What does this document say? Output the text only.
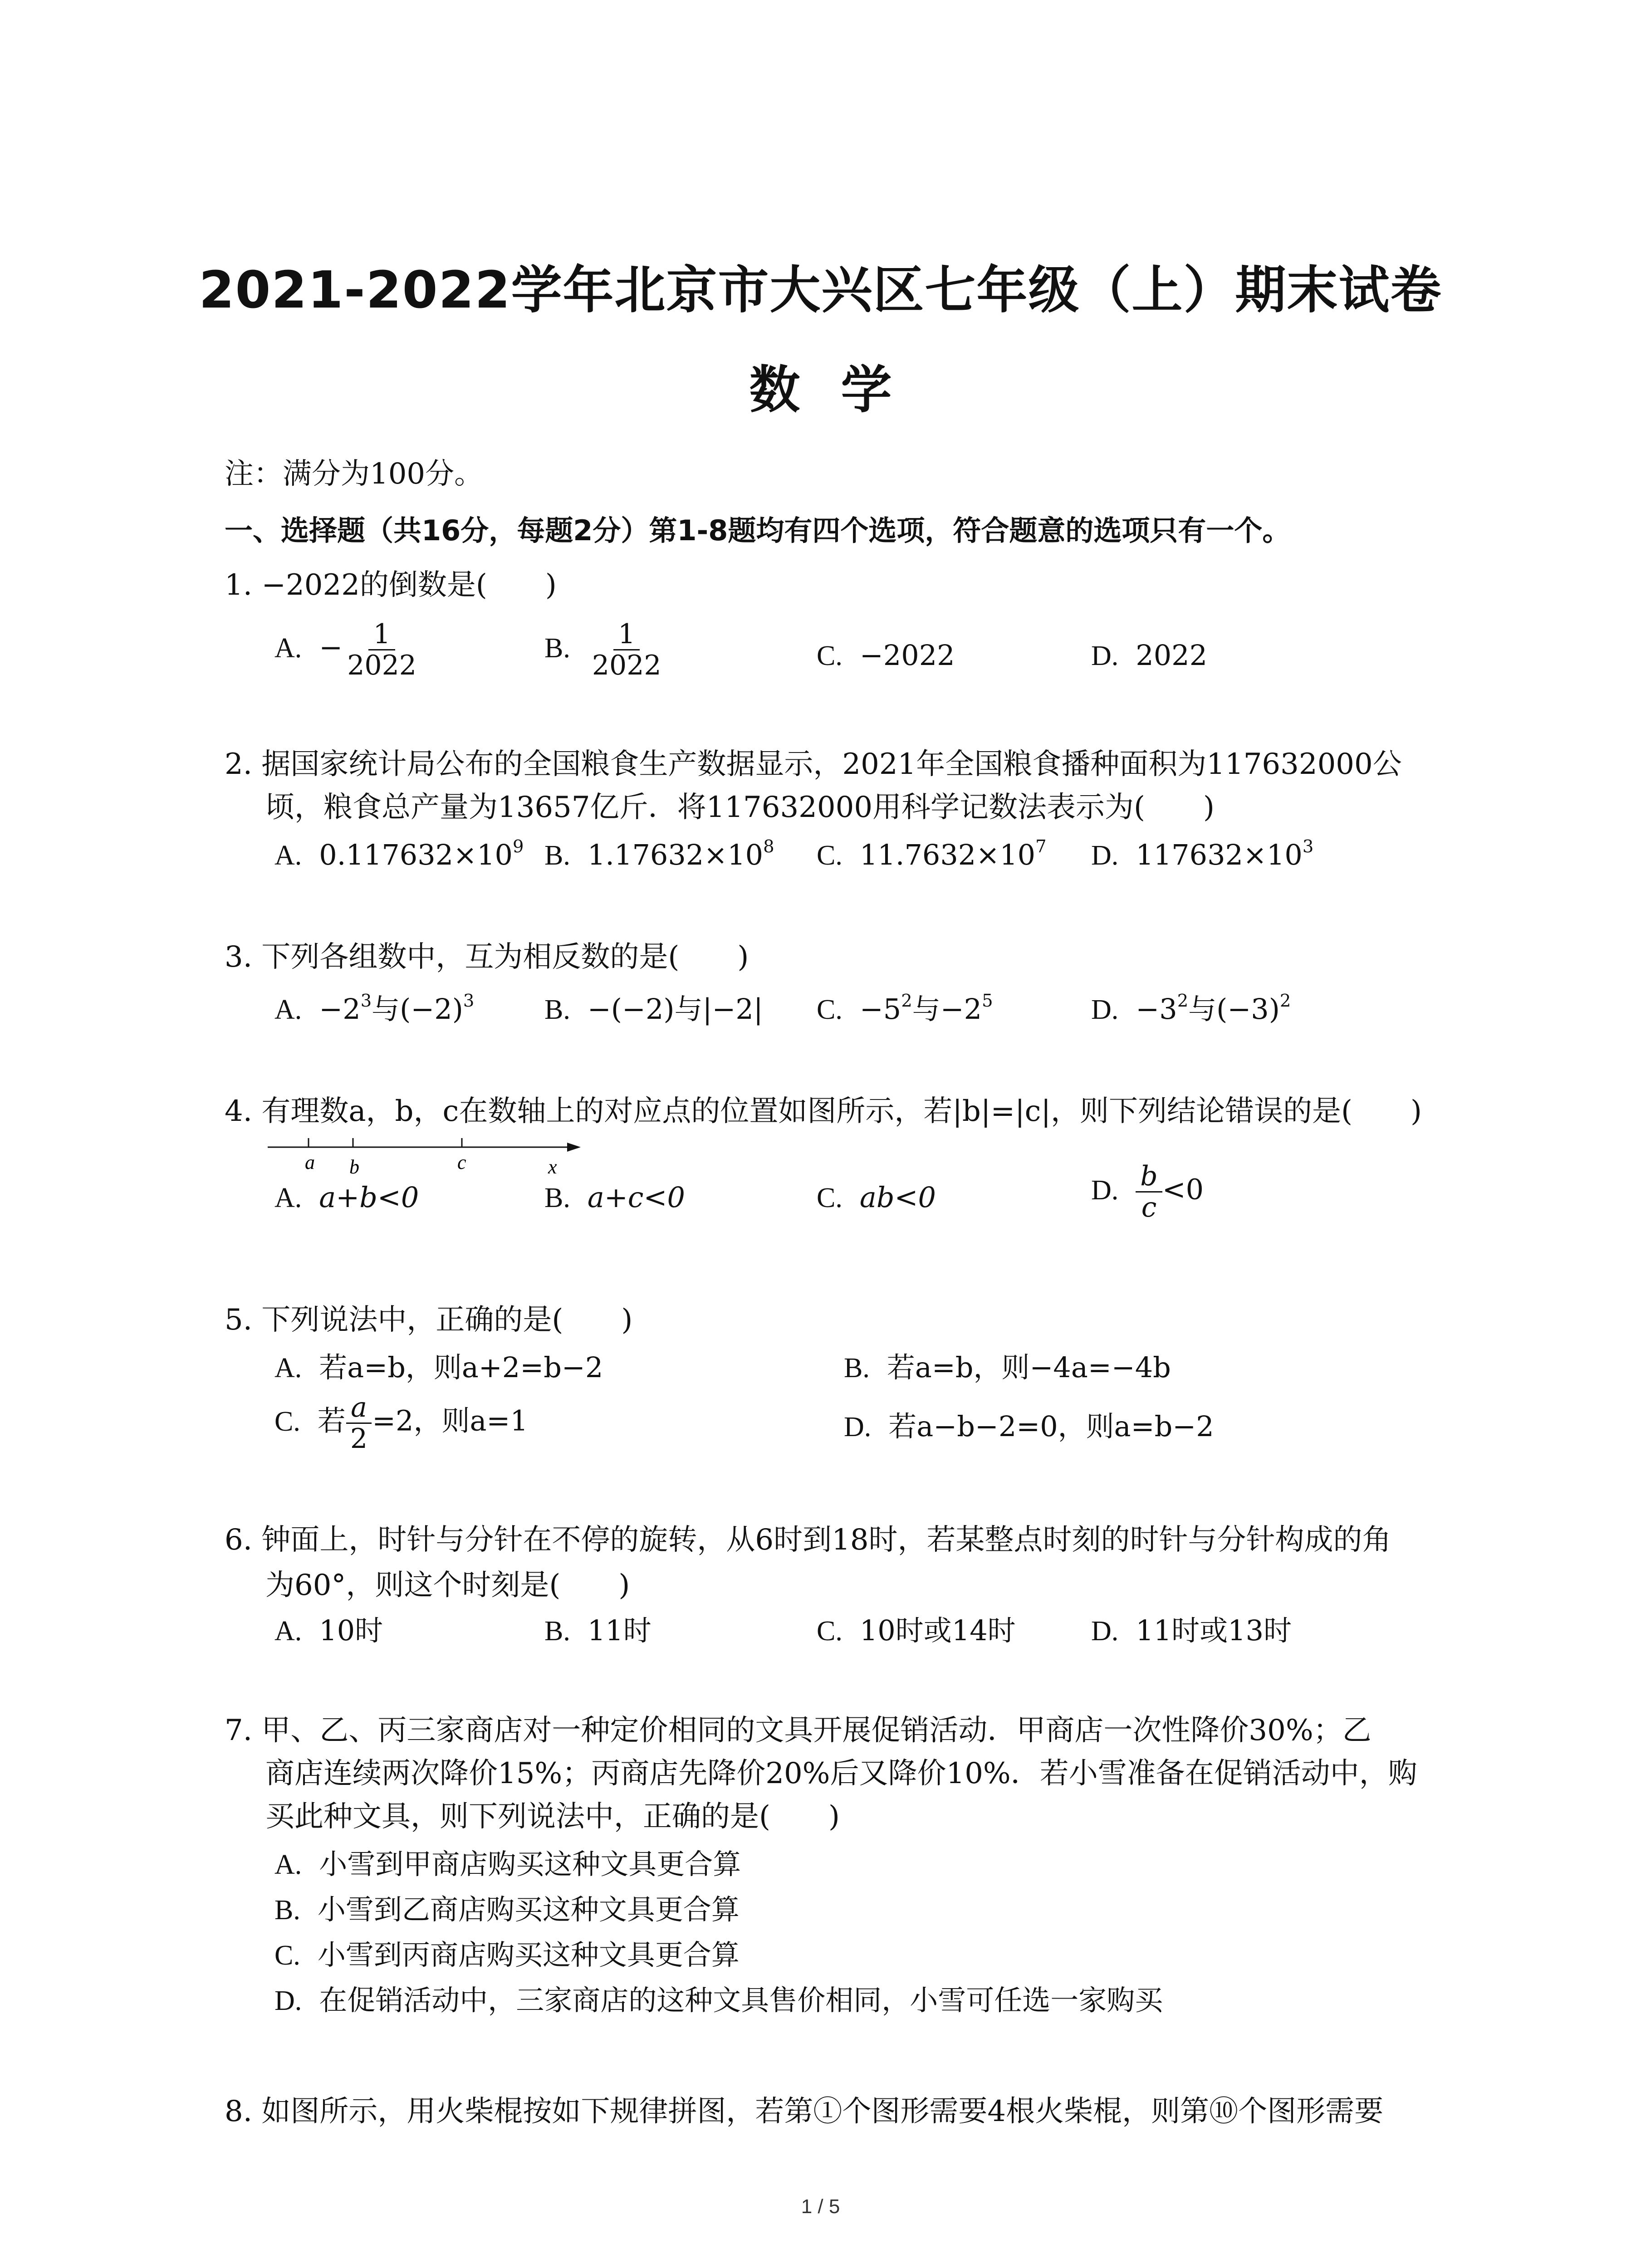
2021-2022学年北京市大兴区七年级（上）期末试卷
数学
注：满分为100分。
一、选择题（共16分，每题2分）第1-8题均有四个选项，符合题意的选项只有一个。
1. −2022的倒数是(　　)
A. − $\frac{1}{2022}$	B. $\frac{1}{2022}$	C. −2022	D. 2022
2. 据国家统计局公布的全国粮食生产数据显示，2021年全国粮食播种面积为117632000公
顷，粮食总产量为13657亿斤．将117632000用科学记数法表示为(　　)
A. $0.117632\times 10^9$ B. $1.17632\times 10^8$ C. $11.7632\times 10^7$ D. $117632\times 10^3$
3. 下列各组数中，互为相反数的是(　　)
A. $-2^3$与$(-2)^3$ B. −(−2)与|−2| C. $-5^2$与$-2^5$	D. $-3^2$与$(-3)^2$
4. 有理数a，b，c在数轴上的对应点的位置如图所示，若|b|=|c|，则下列结论错误的是(　　)
a b	c	x
A. a+b<0	B. a+c<0	C. ab<0	D. $\frac{b}{c} <0$
5. 下列说法中，正确的是(　　)
A. 若a=b，则a+2=b−2	B. 若a=b，则−4a=−4b
C. 若 $\frac{a}{2} =2$，则a=1	D. 若a−b−2=0，则a=b−2
6. 钟面上，时针与分针在不停的旋转，从6时到18时，若某整点时刻的时针与分针构成的角
为60°，则这个时刻是(　　)
A. 10时	B. 11时	C. 10时或14时	D. 11时或13时
7. 甲、乙、丙三家商店对一种定价相同的文具开展促销活动．甲商店一次性降价30%；乙
商店连续两次降价15%；丙商店先降价20%后又降价10%．若小雪准备在促销活动中，购
买此种文具，则下列说法中，正确的是(　　)
A. 小雪到甲商店购买这种文具更合算
B. 小雪到乙商店购买这种文具更合算
C. 小雪到丙商店购买这种文具更合算
D. 在促销活动中，三家商店的这种文具售价相同，小雪可任选一家购买
8. 如图所示，用火柴棍按如下规律拼图，若第①个图形需要4根火柴棍，则第⑩个图形需要
1 / 5
